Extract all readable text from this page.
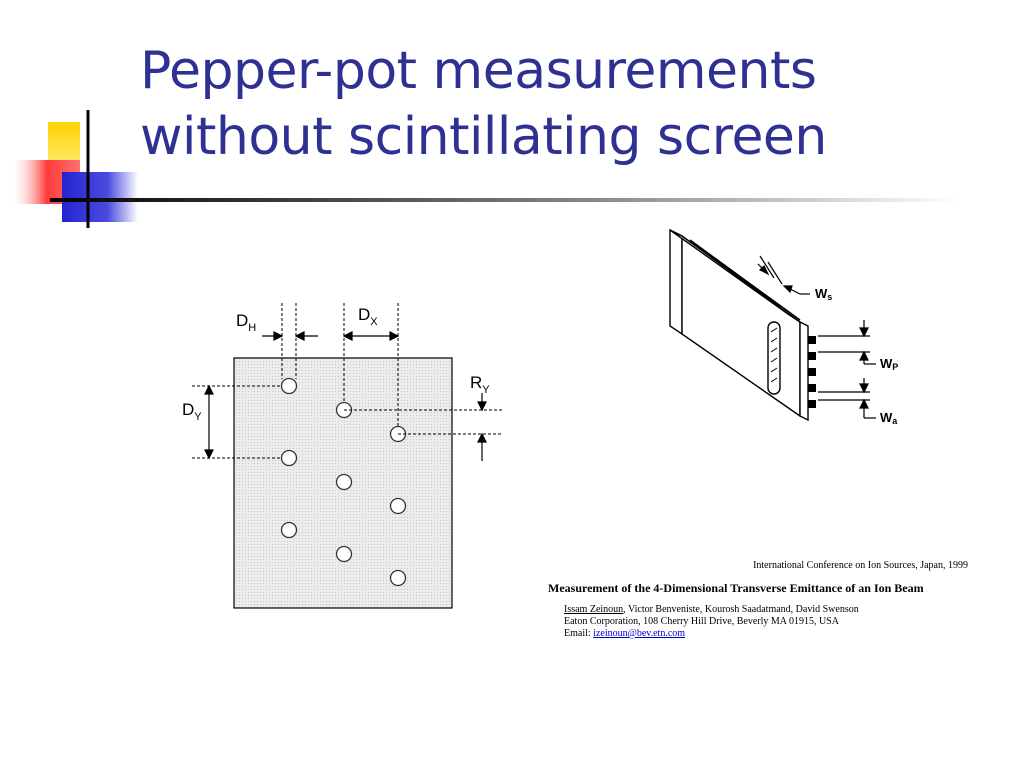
Pepper-pot measurements
without scintillating screen
$D_H$
$D_X$
$D_Y$
$R_Y$
Ws
WP
Wa
International Conference on Ion Sources, Japan, 1999
Measurement of the 4-Dimensional Transverse Emittance of an Ion Beam
Issam Zeinoun, Victor Benveniste, Kourosh Saadatmand, David Swenson
Eaton Corporation, 108 Cherry Hill Drive, Beverly MA 01915, USA
Email: izeinoun@bev.etn.com
